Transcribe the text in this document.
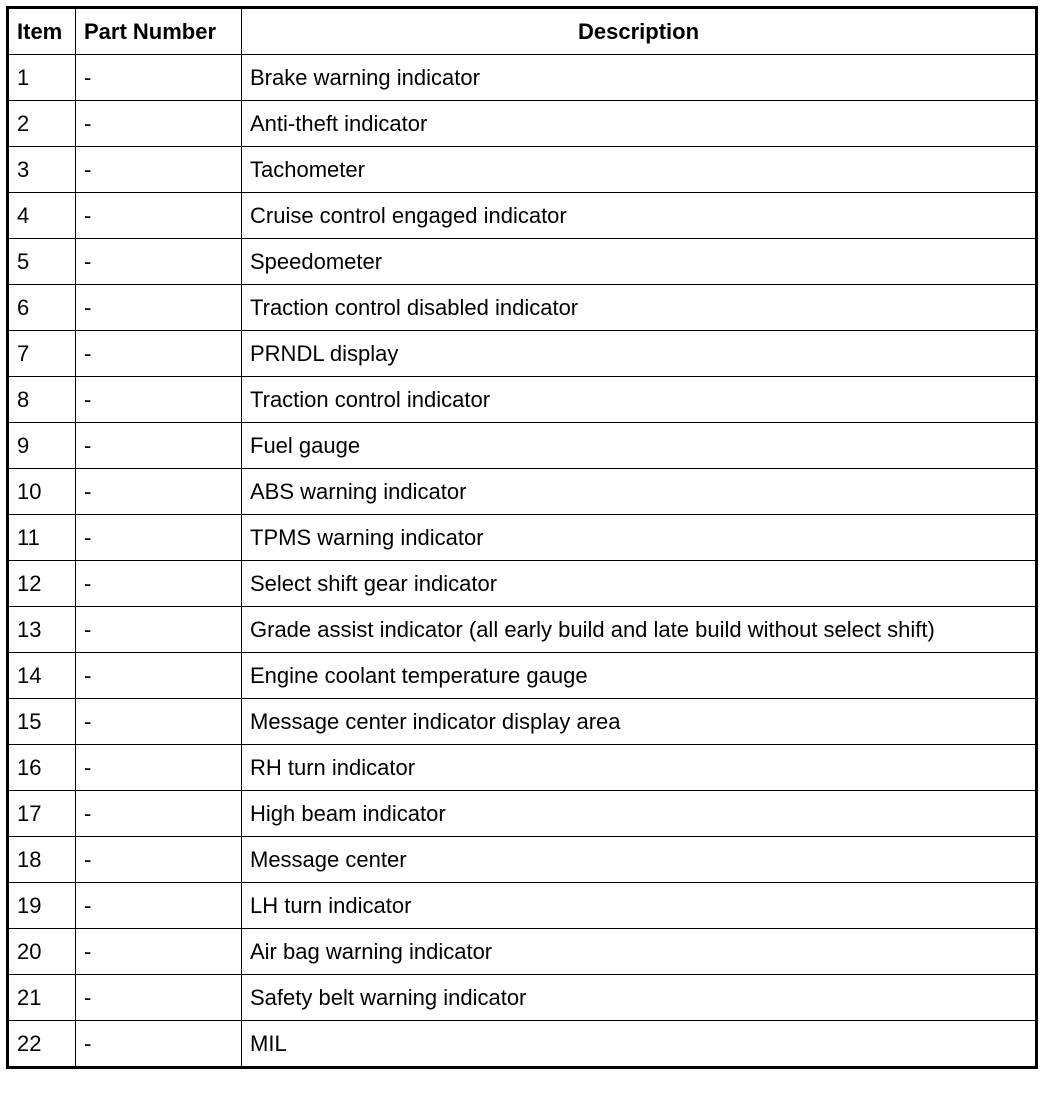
Item	Part Number	Description
1	-	Brake warning indicator
2	-	Anti-theft indicator
3	-	Tachometer
4	-	Cruise control engaged indicator
5	-	Speedometer
6	-	Traction control disabled indicator
7	-	PRNDL display
8	-	Traction control indicator
9	-	Fuel gauge
10	-	ABS warning indicator
11	-	TPMS warning indicator
12	-	Select shift gear indicator
13	-	Grade assist indicator (all early build and late build without select shift)
14	-	Engine coolant temperature gauge
15	-	Message center indicator display area
16	-	RH turn indicator
17	-	High beam indicator
18	-	Message center
19	-	LH turn indicator
20	-	Air bag warning indicator
21	-	Safety belt warning indicator
22	-	MIL
